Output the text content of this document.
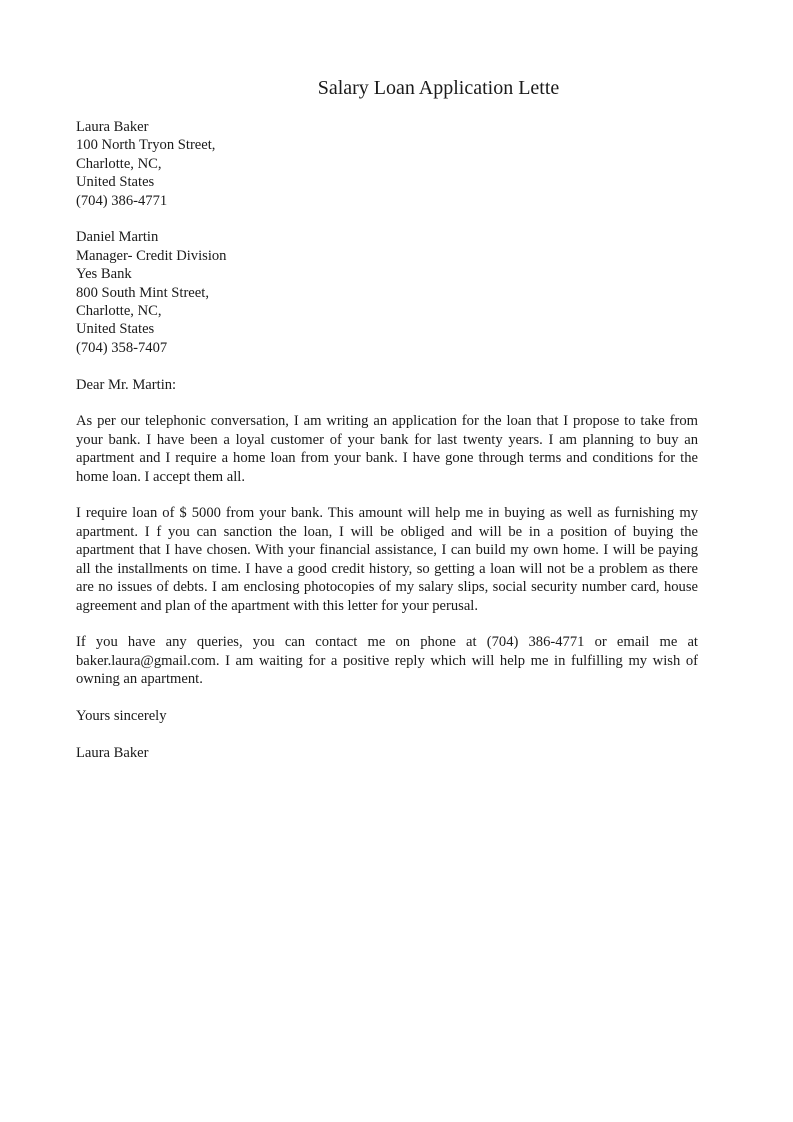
Salary Loan Application Lette
Laura Baker
100 North Tryon Street,
Charlotte, NC,
United States
(704) 386-4771
Daniel Martin
Manager- Credit Division
Yes Bank
800 South Mint Street,
Charlotte, NC,
United States
(704) 358-7407

Dear Mr. Martin:

As per our telephonic conversation, I am writing an application for the loan that I propose to take from your bank. I have been a loyal customer of your bank for last twenty years. I am planning to buy an apartment and I require a home loan from your bank. I have gone through terms and conditions for the home loan. I accept them all.

I require loan of $ 5000 from your bank. This amount will help me in buying as well as furnishing my apartment. I f you can sanction the loan, I will be obliged and will be in a position of buying the apartment that I have chosen. With your financial assistance, I can build my own home. I will be paying all the installments on time. I have a good credit history, so getting a loan will not be a problem as there are no issues of debts. I am enclosing photocopies of my salary slips, social security number card, house agreement and plan of the apartment with this letter for your perusal.

If you have any queries, you can contact me on phone at (704) 386-4771 or email me at baker.laura@gmail.com. I am waiting for a positive reply which will help me in fulfilling my wish of owning an apartment.

Yours sincerely

Laura Baker
